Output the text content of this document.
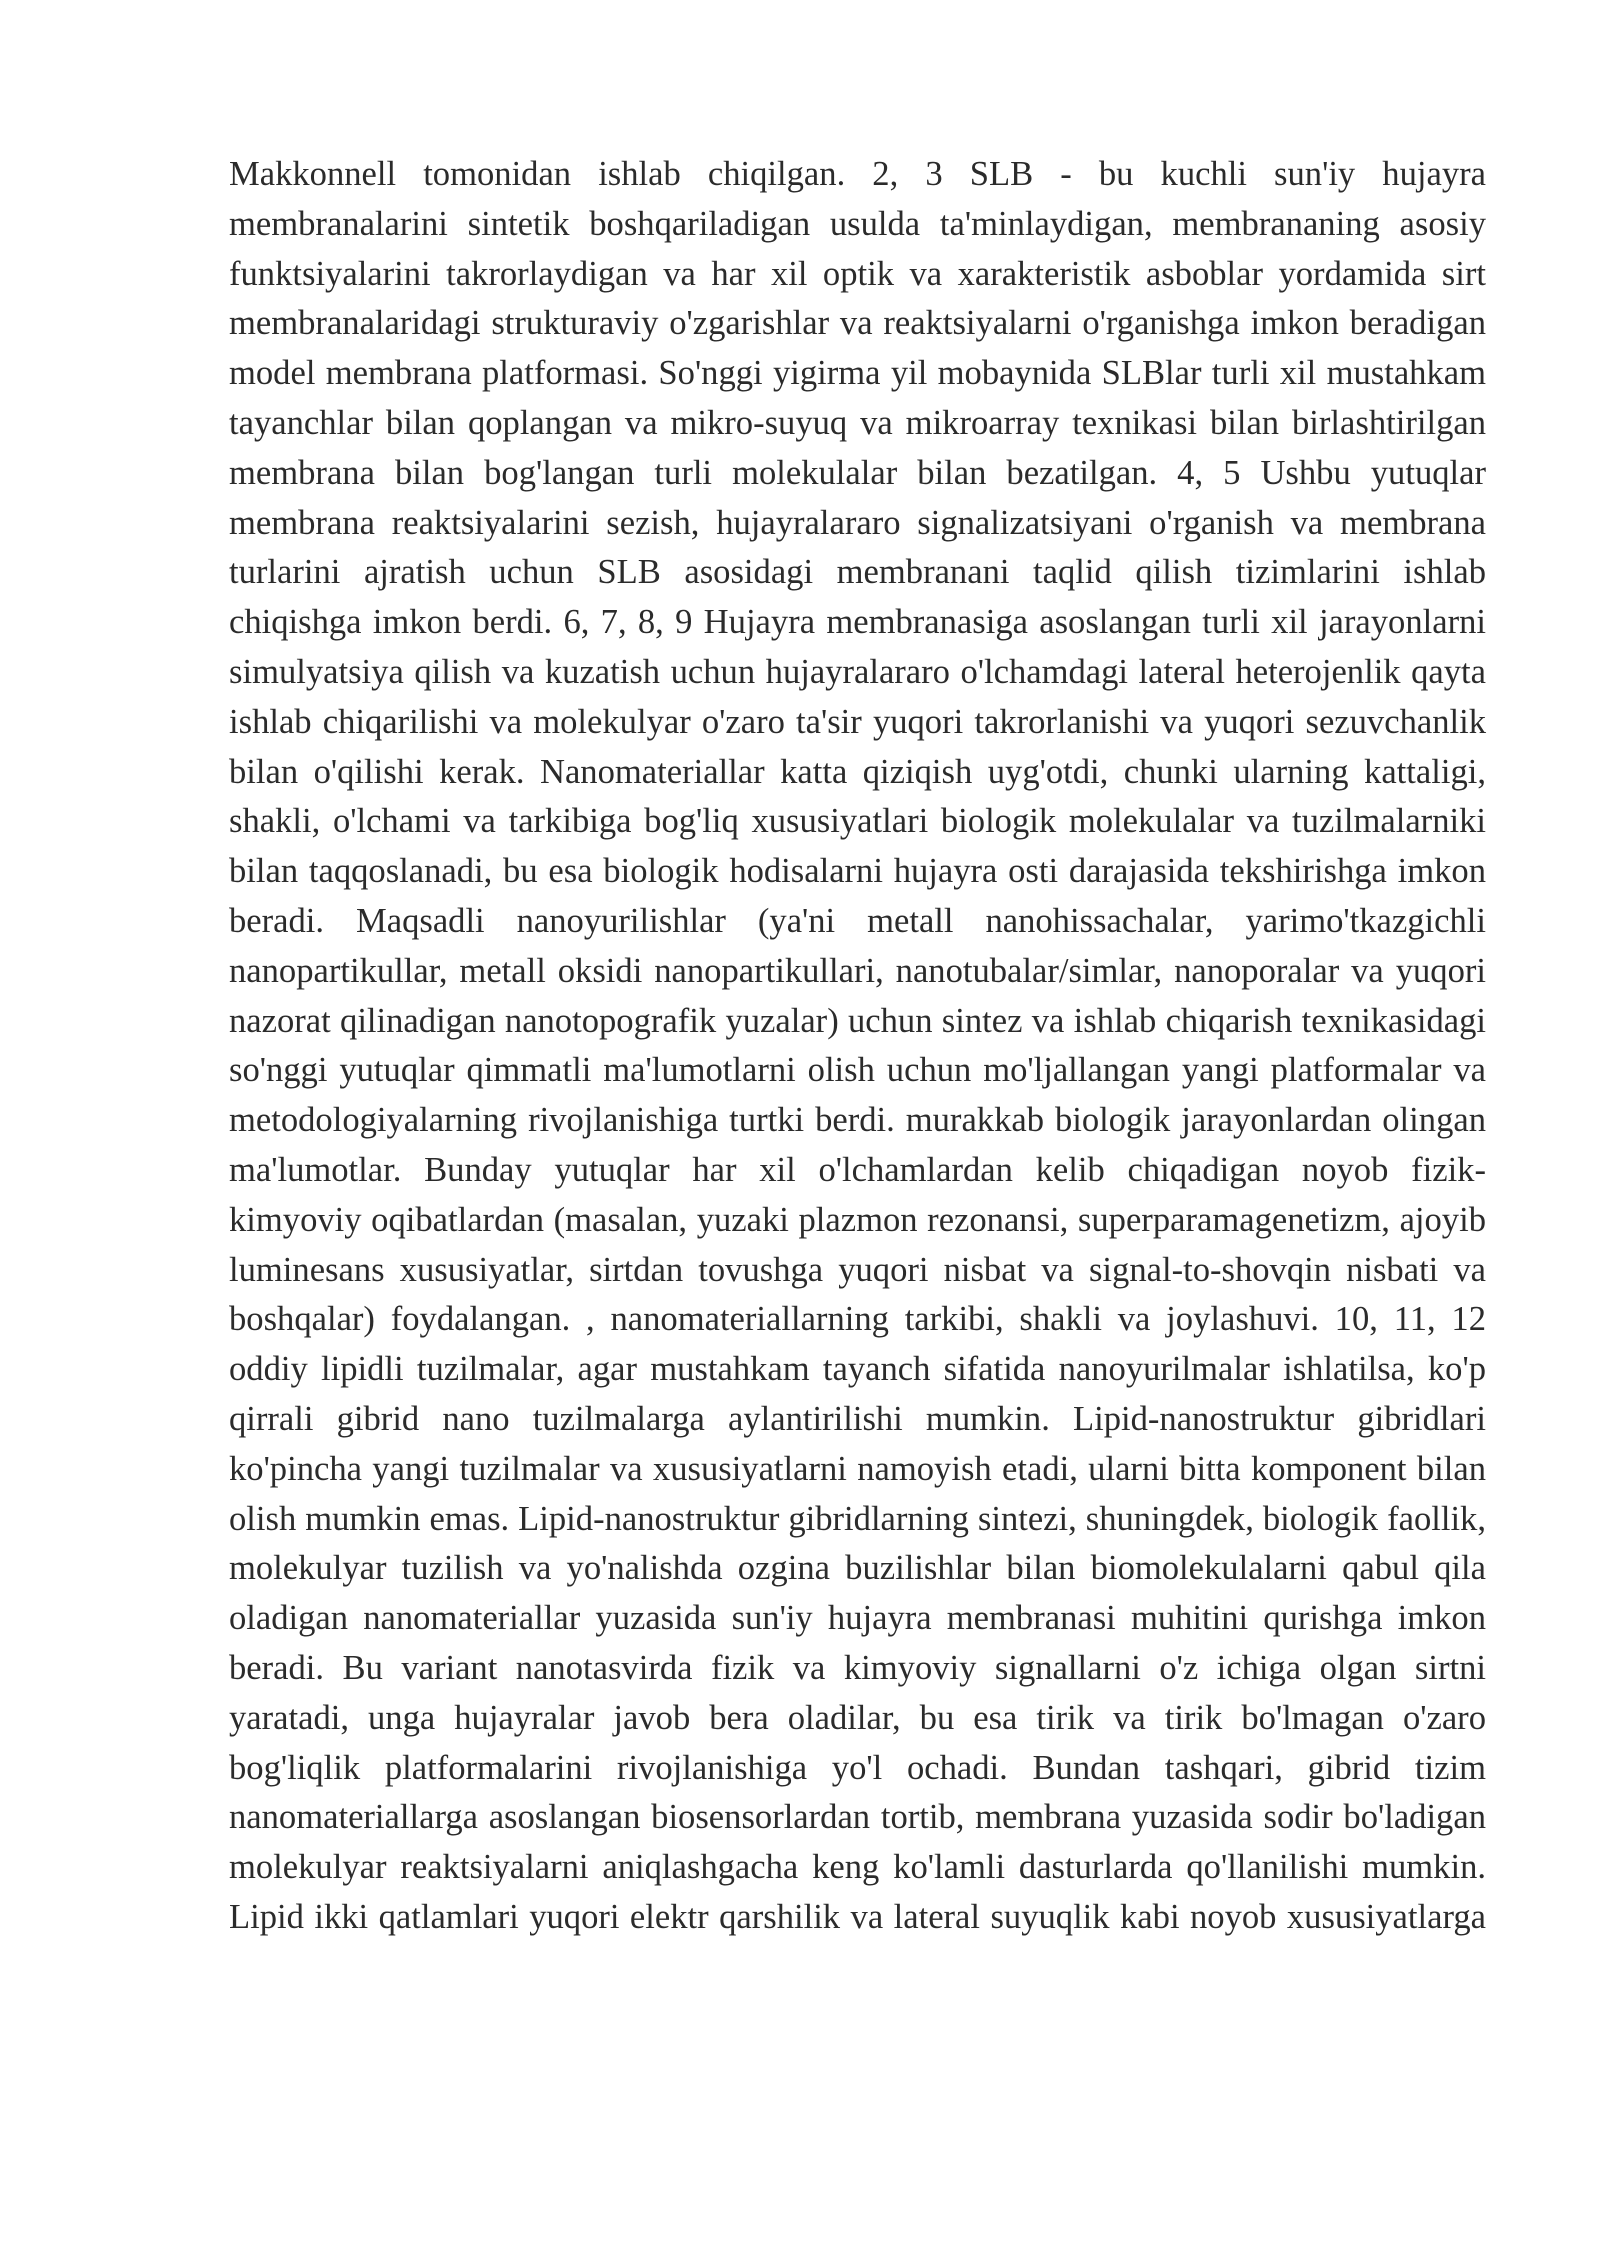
Makkonnell tomonidan ishlab chiqilgan. 2, 3 SLB - bu kuchli sun'iy hujayra membranalarini sintetik boshqariladigan usulda ta'minlaydigan, membrananing asosiy funktsiyalarini takrorlaydigan va har xil optik va xarakteristik asboblar yordamida sirt membranalaridagi strukturaviy o'zgarishlar va reaktsiyalarni o'rganishga imkon beradigan model membrana platformasi. So'nggi yigirma yil mobaynida SLBlar turli xil mustahkam tayanchlar bilan qoplangan va mikro-suyuq va mikroarray texnikasi bilan birlashtirilgan membrana bilan bog'langan turli molekulalar bilan bezatilgan. 4, 5 Ushbu yutuqlar membrana reaktsiyalarini sezish, hujayralararo signalizatsiyani o'rganish va membrana turlarini ajratish uchun SLB asosidagi membranani taqlid qilish tizimlarini ishlab chiqishga imkon berdi. 6, 7, 8, 9 Hujayra membranasiga asoslangan turli xil jarayonlarni simulyatsiya qilish va kuzatish uchun hujayralararo o'lchamdagi lateral heterojenlik qayta ishlab chiqarilishi va molekulyar o'zaro ta'sir yuqori takrorlanishi va yuqori sezuvchanlik bilan o'qilishi kerak. Nanomateriallar katta qiziqish uyg'otdi, chunki ularning kattaligi, shakli, o'lchami va tarkibiga bog'liq xususiyatlari biologik molekulalar va tuzilmalarniki bilan taqqoslanadi, bu esa biologik hodisalarni hujayra osti darajasida tekshirishga imkon beradi. Maqsadli nanoyurilishlar (ya'ni metall nanohissachalar, yarimo'tkazgichli nanopartikullar, metall oksidi nanopartikullari, nanotubalar/simlar, nanoporalar va yuqori nazorat qilinadigan nanotopografik yuzalar) uchun sintez va ishlab chiqarish texnikasidagi so'nggi yutuqlar qimmatli ma'lumotlarni olish uchun mo'ljallangan yangi platformalar va metodologiyalarning rivojlanishiga turtki berdi. murakkab biologik jarayonlardan olingan ma'lumotlar. Bunday yutuqlar har xil o'lchamlardan kelib chiqadigan noyob fizik-kimyoviy oqibatlardan (masalan, yuzaki plazmon rezonansi, superparamagenetizm, ajoyib luminesans xususiyatlar, sirtdan tovushga yuqori nisbat va signal-to-shovqin nisbati va boshqalar) foydalangan. , nanomateriallarning tarkibi, shakli va joylashuvi. 10, 11, 12 oddiy lipidli tuzilmalar, agar mustahkam tayanch sifatida nanoyurilmalar ishlatilsa, ko'p qirrali gibrid nano tuzilmalarga aylantirilishi mumkin. Lipid-nanostruktur gibridlari ko'pincha yangi tuzilmalar va xususiyatlarni namoyish etadi, ularni bitta komponent bilan olish mumkin emas. Lipid-nanostruktur gibridlarning sintezi, shuningdek, biologik faollik, molekulyar tuzilish va yo'nalishda ozgina buzilishlar bilan biomolekulalarni qabul qila oladigan nanomateriallar yuzasida sun'iy hujayra membranasi muhitini qurishga imkon beradi. Bu variant nanotasvirda fizik va kimyoviy signallarni o'z ichiga olgan sirtni yaratadi, unga hujayralar javob bera oladilar, bu esa tirik va tirik bo'lmagan o'zaro bog'liqlik platformalarini rivojlanishiga yo'l ochadi. Bundan tashqari, gibrid tizim nanomateriallarga asoslangan biosensorlardan tortib, membrana yuzasida sodir bo'ladigan molekulyar reaktsiyalarni aniqlashgacha keng ko'lamli dasturlarda qo'llanilishi mumkin. Lipid ikki qatlamlari yuqori elektr qarshilik va lateral suyuqlik kabi noyob xususiyatlarga
